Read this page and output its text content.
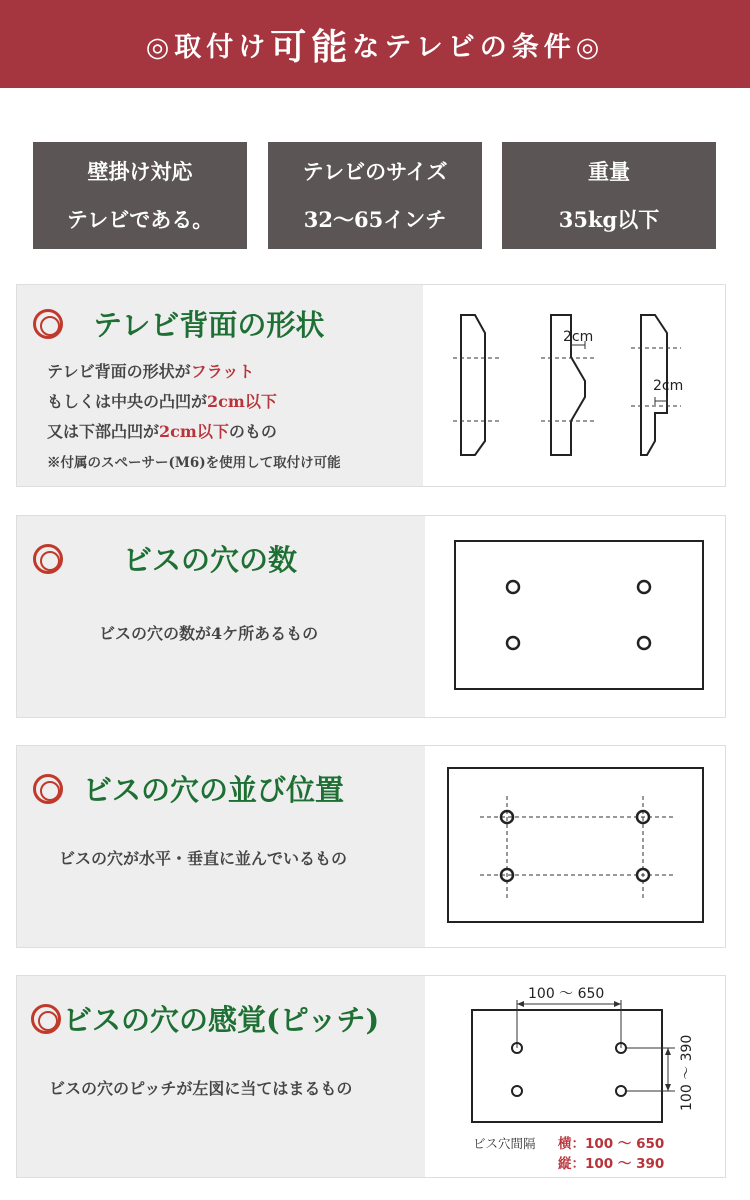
◎取付け 可能 なテレビの条件◎
壁掛け対応
テレビである。
テレビのサイズ
32～65インチ
重量
35kg以下
テレビ背面の形状
テレビ背面の形状がフラット
もしくは中央の凸凹が2cm以下
又は下部凸凹が2cm以下のもの
※付属のスペーサー(M6)を使用して取付け可能
2cm
2cm
ビスの穴の数
ビスの穴の数が4ケ所あるもの
ビスの穴の並び位置
ビスの穴が水平・垂直に並んでいるもの
ビスの穴の感覚(ピッチ)
ビスの穴のピッチが左図に当てはまるもの
100 ～ 650
100 ～ 390
ビス穴間隔 横：100 ～ 650
縦：100 ～ 390
